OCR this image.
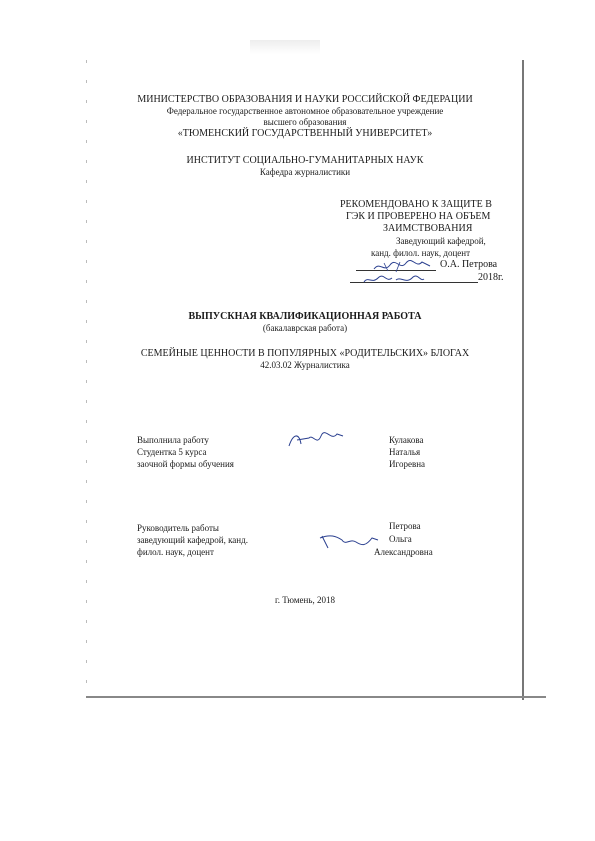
МИНИСТЕРСТВО ОБРАЗОВАНИЯ И НАУКИ РОССИЙСКОЙ ФЕДЕРАЦИИ
Федеральное государственное автономное образовательное учреждение
высшего образования
«ТЮМЕНСКИЙ ГОСУДАРСТВЕННЫЙ УНИВЕРСИТЕТ»
ИНСТИТУТ СОЦИАЛЬНО-ГУМАНИТАРНЫХ НАУК
Кафедра журналистики
РЕКОМЕНДОВАНО К ЗАЩИТЕ В
ГЭК И ПРОВЕРЕНО НА ОБЪЕМ
ЗАИМСТВОВАНИЯ
Заведующий кафедрой,
канд. филол. наук, доцент
О.А. Петрова
2018г.
ВЫПУСКНАЯ КВАЛИФИКАЦИОННАЯ РАБОТА
(бакалаврская работа)
СЕМЕЙНЫЕ ЦЕННОСТИ В ПОПУЛЯРНЫХ «РОДИТЕЛЬСКИХ» БЛОГАХ
42.03.02 Журналистика
Выполнила работу
Студентка 5 курса
заочной формы обучения
Кулакова
Наталья
Игоревна
Руководитель работы
заведующий кафедрой, канд.
филол. наук, доцент
Петрова
Ольга
Александровна
г. Тюмень, 2018
